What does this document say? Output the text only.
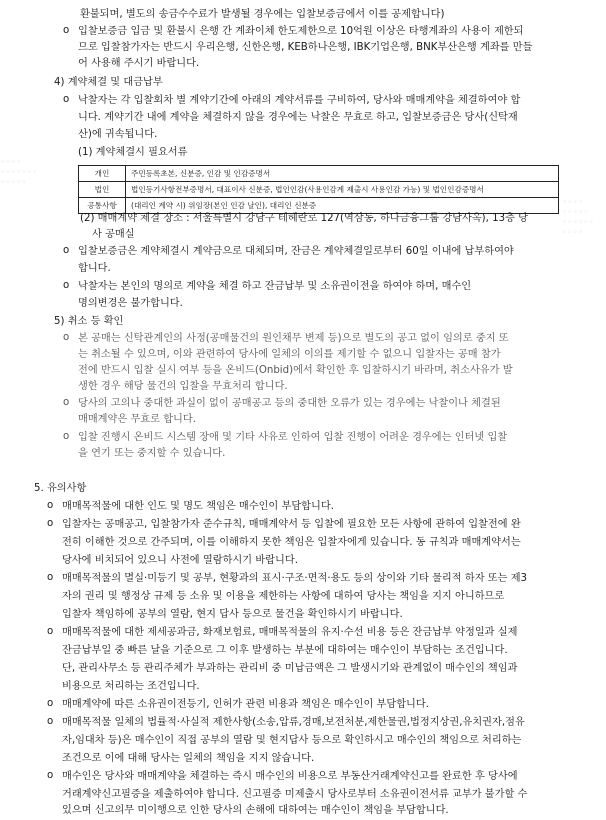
◦◦◦◦
◦◦◦◦◦◦◦
◦◦◦◦◦
◦◦◦◦
◦◦◦◦◦
◦◦◦◦◦◦
◦◦◦◦
환불되며, 별도의 송금수수료가 발생될 경우에는 입찰보증금에서 이를 공제합니다)
o 입찰보증금 입금 및 환불시 은행 간 계좌이체 한도제한으로 10억원 이상은 타행계좌의 사용이 제한되
므로 입찰참가자는 반드시 우리은행, 신한은행, KEB하나은행, IBK기업은행, BNK부산은행 계좌를 만들
어 사용해 주시기 바랍니다.
4) 계약체결 및 대금납부
o 낙찰자는 각 입찰회차 별 계약기간에 아래의 계약서류를 구비하여, 당사와 매매계약을 체결하여야 합
니다. 계약기간 내에 계약을 체결하지 않을 경우에는 낙찰은 무효로 하고, 입찰보증금은 당사(신탁재
산)에 귀속됩니다.
(1) 계약체결시 필요서류
개인	주민등록초본, 신분증, 인감 및 인감증명서
법인	법인등기사항전부증명서, 대표이사 신분증, 법인인감(사용인감계 제출시 사용인감 가능) 및 법인인감증명서
공통사항	(대리인 계약 시) 위임장(본인 인감 날인), 대리인 신분증
(2) 매매계약 체결 장소 : 서울특별시 강남구 테헤란로 127(역삼동, 하나금융그룹 강남사옥), 13층 당
사 공매실
o 입찰보증금은 계약체결시 계약금으로 대체되며, 잔금은 계약체결일로부터 60일 이내에 납부하여야
합니다.
o 낙찰자는 본인의 명의로 계약을 체결 하고 잔금납부 및 소유권이전을 하여야 하며, 매수인
명의변경은 불가합니다.
5) 취소 등 확인
o 본 공매는 신탁관계인의 사정(공매물건의 원인채무 변제 등)으로 별도의 공고 없이 임의로 중지 또
는 취소될 수 있으며, 이와 관련하여 당사에 일체의 이의를 제기할 수 없으니 입찰자는 공매 참가
전에 반드시 입찰 실시 여부 등을 온비드(Onbid)에서 확인한 후 입찰하시기 바라며, 취소사유가 발
생한 경우 해당 물건의 입찰을 무효처리 합니다.
o 당사의 고의나 중대한 과실이 없이 공매공고 등의 중대한 오류가 있는 경우에는 낙찰이나 체결된
매매계약은 무효로 합니다.
o 입찰 진행시 온비드 시스템 장애 및 기타 사유로 인하여 입찰 진행이 어려운 경우에는 인터넷 입찰
을 연기 또는 중지할 수 있습니다.
5. 유의사항
o 매매목적물에 대한 인도 및 명도 책임은 매수인이 부담합니다.
o 입찰자는 공매공고, 입찰참가자 준수규칙, 매매계약서 등 입찰에 필요한 모든 사항에 관하여 입찰전에 완
전히 이해한 것으로 간주되며, 이를 이해하지 못한 책임은 입찰자에게 있습니다. 동 규칙과 매매계약서는
당사에 비치되어 있으니 사전에 열람하시기 바랍니다.
o 매매목적물의 멸실·미등기 및 공부, 현황과의 표시·구조·면적·용도 등의 상이와 기타 물리적 하자 또는 제3
자의 권리 및 행정상 규제 등 소유 및 이용을 제한하는 사항에 대하여 당사는 책임을 지지 아니하므로
입찰자 책임하에 공부의 열람, 현지 답사 등으로 물건을 확인하시기 바랍니다.
o 매매목적물에 대한 제세공과금, 화재보험료, 매매목적물의 유지·수선 비용 등은 잔금납부 약정일과 실제
잔금납부일 중 빠른 날을 기준으로 그 이후 발생하는 부분에 대하여는 매수인이 부담하는 조건입니다.
단, 관리사무소 등 관리주체가 부과하는 관리비 중 미납금액은 그 발생시기와 관계없이 매수인의 책임과
비용으로 처리하는 조건입니다.
o 매매계약에 따른 소유권이전등기, 인허가 관련 비용과 책임은 매수인이 부담합니다.
o 매매목적물 일체의 법률적·사실적 제한사항(소송,압류,경매,보전처분,제한물권,법정지상권,유치권자,점유
자,임대차 등)은 매수인이 직접 공부의 열람 및 현지답사 등으로 확인하시고 매수인의 책임으로 처리하는
조건으로 이에 대해 당사는 일체의 책임을 지지 않습니다.
o 매수인은 당사와 매매계약을 체결하는 즉시 매수인의 비용으로 부동산거래계약신고를 완료한 후 당사에
거래계약신고필증을 제출하여야 합니다. 신고필증 미제출시 당사로부터 소유권이전서류 교부가 불가할 수
있으며 신고의무 미이행으로 인한 당사의 손해에 대하여는 매수인이 책임을 부담합니다.
